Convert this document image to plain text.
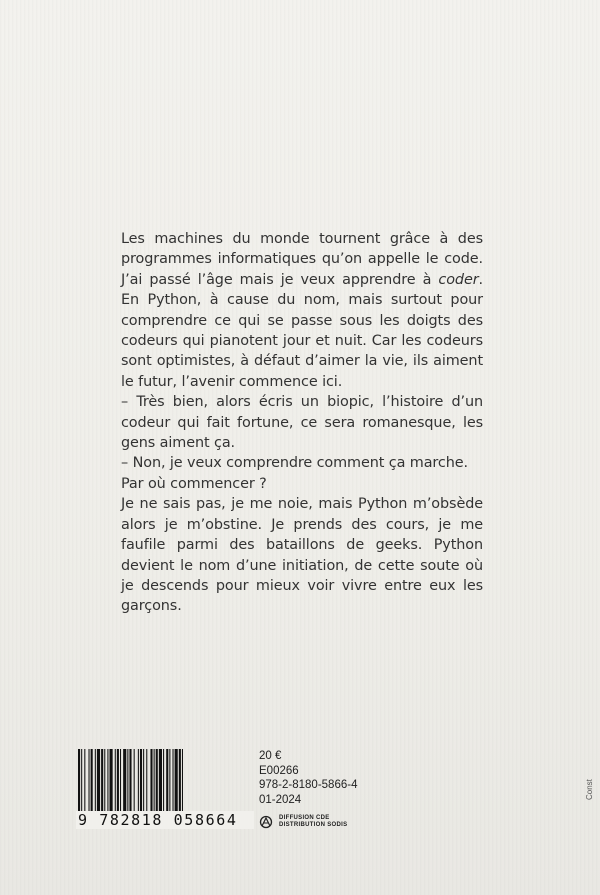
Les machines du monde tournent grâce à des programmes informatiques qu’on appelle le code. J’ai passé l’âge mais je veux apprendre à coder. En Python, à cause du nom, mais surtout pour comprendre ce qui se passe sous les doigts des codeurs qui pianotent jour et nuit. Car les codeurs sont optimistes, à défaut d’aimer la vie, ils aiment le futur, l’avenir commence ici.

– Très bien, alors écris un biopic, l’histoire d’un codeur qui fait fortune, ce sera romanesque, les gens aiment ça.

– Non, je veux comprendre comment ça marche.

Par où commencer ?

Je ne sais pas, je me noie, mais Python m’obsède alors je m’obstine. Je prends des cours, je me faufile parmi des bataillons de geeks. Python devient le nom d’une initiation, de cette soute où je descends pour mieux voir vivre entre eux les garçons.

9 782818 058664
20 €
E00266
978-2-8180-5866-4
01-2024
DIFFUSION CDE
DISTRIBUTION SODIS
Const
